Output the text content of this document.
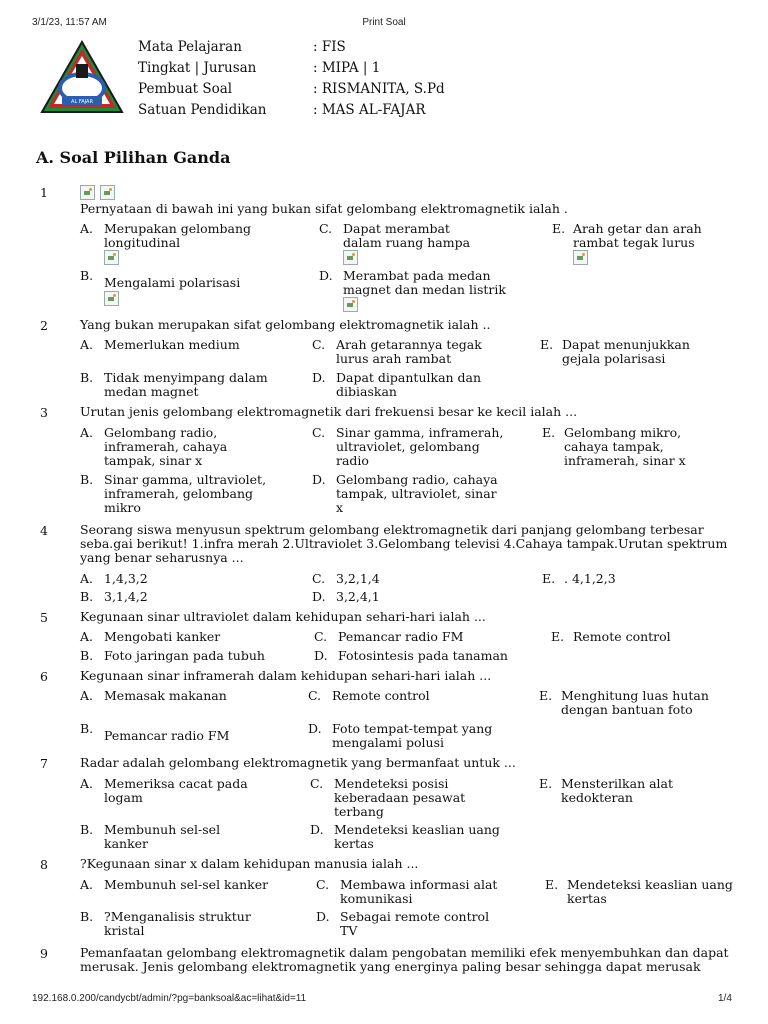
3/1/23, 11:57 AM	Print Soal
192.168.0.200/candycbt/admin/?pg=banksoal&ac=lihat&id=11	1/4
AL FAJAR
Mata Pelajaran	: FIS
Tingkat | Jurusan	: MIPA | 1
Pembuat Soal	: RISMANITA, S.Pd
Satuan Pendidikan	: MAS AL-FAJAR
A. Soal Pilihan Ganda
1

Pernyataan di bawah ini yang bukan sifat gelombang elektromagnetik ialah .
A. Merupakan gelombang longitudinal
B. Mengalami polarisasi
C. Dapat merambat dalam ruang hampa
D. Merambat pada medan magnet dan medan listrik
E. Arah getar dan arah rambat tegak lurus
2	Yang bukan merupakan sifat gelombang elektromagnetik ialah ..
A. Memerlukan medium
B. Tidak menyimpang dalam medan magnet
C. Arah getarannya tegak lurus arah rambat
D. Dapat dipantulkan dan dibiaskan
E. Dapat menunjukkan gejala polarisasi
3	Urutan jenis gelombang elektromagnetik dari frekuensi besar ke kecil ialah ...
A. Gelombang radio, inframerah, cahaya tampak, sinar x
B. Sinar gamma, ultraviolet, inframerah, gelombang mikro
C. Sinar gamma, inframerah, ultraviolet, gelombang radio
D. Gelombang radio, cahaya tampak, ultraviolet, sinar x
E. Gelombang mikro, cahaya tampak, inframerah, sinar x
4	Seorang siswa menyusun spektrum gelombang elektromagnetik dari panjang gelombang terbesar seba.gai berikut! 1.infra merah 2.Ultraviolet 3.Gelombang televisi 4.Cahaya tampak.Urutan spektrum yang benar seharusnya ...
A. 1,4,3,2
B. 3,1,4,2
C. 3,2,1,4
D. 3,2,4,1
E. . 4,1,2,3
5	Kegunaan sinar ultraviolet dalam kehidupan sehari-hari ialah ...
A. Mengobati kanker
B. Foto jaringan pada tubuh
C. Pemancar radio FM
D. Fotosintesis pada tanaman
E. Remote control
6	Kegunaan sinar inframerah dalam kehidupan sehari-hari ialah ...
A. Memasak makanan
B. Pemancar radio FM
C. Remote control
D. Foto tempat-tempat yang mengalami polusi
E. Menghitung luas hutan dengan bantuan foto
7	Radar adalah gelombang elektromagnetik yang bermanfaat untuk ...
A. Memeriksa cacat pada logam
B. Membunuh sel-sel kanker
C. Mendeteksi posisi keberadaan pesawat terbang
D. Mendeteksi keaslian uang kertas
E. Mensterilkan alat kedokteran
8	?Kegunaan sinar x dalam kehidupan manusia ialah ...
A. Membunuh sel-sel kanker
B. ?Menganalisis struktur kristal
C. Membawa informasi alat komunikasi
D. Sebagai remote control TV
E. Mendeteksi keaslian uang kertas
9	Pemanfaatan gelombang elektromagnetik dalam pengobatan memiliki efek menyembuhkan dan dapat merusak. Jenis gelombang elektromagnetik yang energinya paling besar sehingga dapat merusak
